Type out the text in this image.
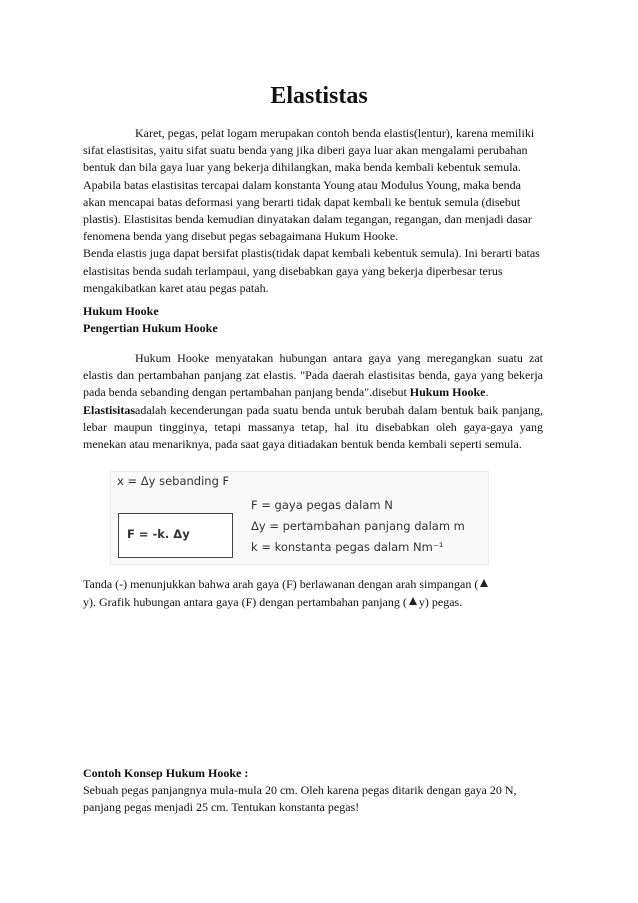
Elastistas

Karet, pegas, pelat logam merupakan contoh benda elastis(lentur), karena memiliki sifat elastisitas, yaitu sifat suatu benda yang jika diberi gaya luar akan mengalami perubahan bentuk dan bila gaya luar yang bekerja dihilangkan, maka benda kembali kebentuk semula. Apabila batas elastisitas tercapai dalam konstanta Young atau Modulus Young, maka benda akan mencapai batas deformasi yang berarti tidak dapat kembali ke bentuk semula (disebut plastis). Elastisitas benda kemudian dinyatakan dalam tegangan, regangan, dan menjadi dasar fenomena benda yang disebut pegas sebagaimana Hukum Hooke.

Benda elastis juga dapat bersifat plastis(tidak dapat kembali kebentuk semula). Ini berarti batas elastisitas benda sudah terlampaui, yang disebabkan gaya yang bekerja diperbesar terus mengakibatkan karet atau pegas patah.

Hukum Hooke
Pengertian Hukum Hooke

Hukum Hooke menyatakan hubungan antara gaya yang meregangkan suatu zat elastis dan pertambahan panjang zat elastis. "Pada daerah elastisitas benda, gaya yang bekerja pada benda sebanding dengan pertambahan panjang benda".disebut Hukum Hooke.

Elastisitasadalah kecenderungan pada suatu benda untuk berubah dalam bentuk baik panjang, lebar maupun tingginya, tetapi massanya tetap, hal itu disebabkan oleh gaya-gaya yang menekan atau menariknya, pada saat gaya ditiadakan bentuk benda kembali seperti semula.

x = Δy sebanding F
F = -k. Δy
F = gaya pegas dalam N
Δy = pertambahan panjang dalam m
k = konstanta pegas dalam Nm⁻¹

Tanda (-) menunjukkan bahwa arah gaya (F) berlawanan dengan arah simpangan (
y). Grafik hubungan antara gaya (F) dengan pertambahan panjang ( y) pegas.

Contoh Konsep Hukum Hooke :

Sebuah pegas panjangnya mula-mula 20 cm. Oleh karena pegas ditarik dengan gaya 20 N, panjang pegas menjadi 25 cm. Tentukan konstanta pegas!
